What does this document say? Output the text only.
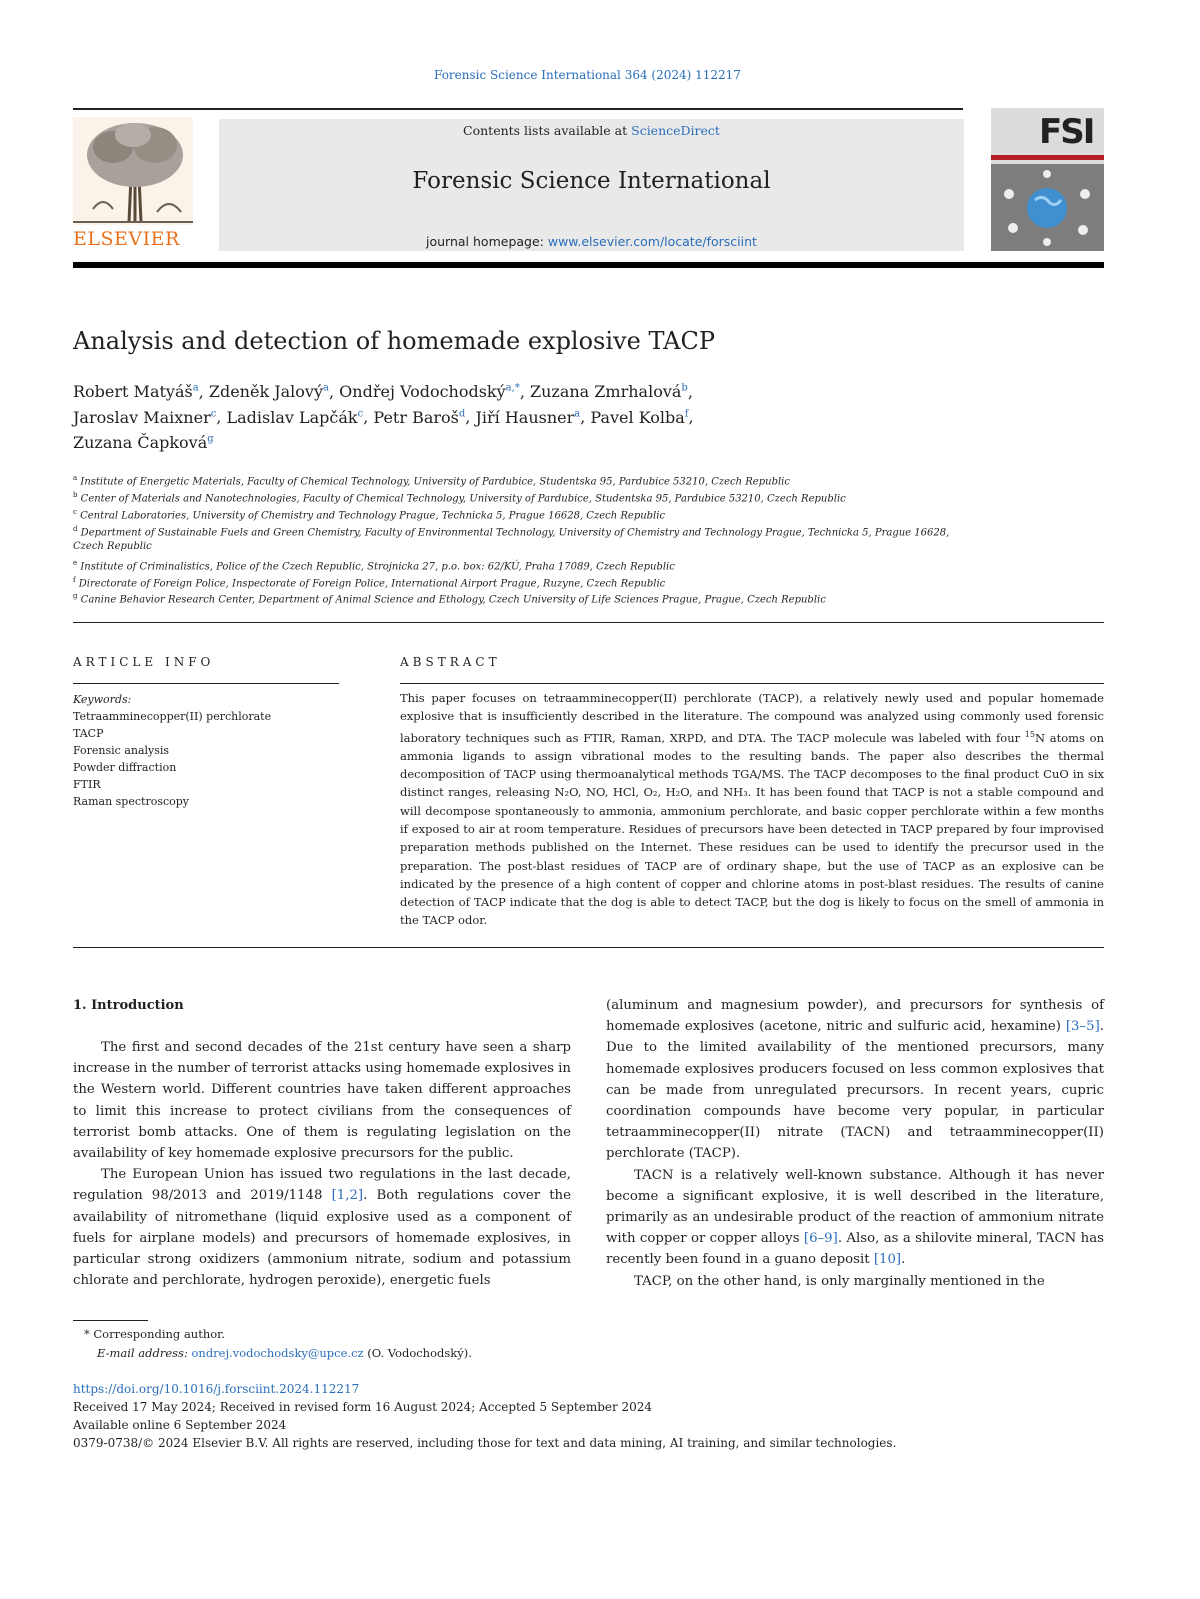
Forensic Science International 364 (2024) 112217
ELSEVIER
Contents lists available at ScienceDirect
Forensic Science International
journal homepage: www.elsevier.com/locate/forsciint
FSI
Analysis and detection of homemade explosive TACP
Robert Matyáš$^a$, Zdeněk Jalový$^a$, Ondřej Vodochodský$^{a,*}$, Zuzana Zmrhalová$^b$,
Jaroslav Maixner$^c$, Ladislav Lapčák$^c$, Petr Baroš$^d$, Jiří Hausner$^a$, Pavel Kolba$^f$,
Zuzana Čapková$^g$
$^a$ Institute of Energetic Materials, Faculty of Chemical Technology, University of Pardubice, Studentska 95, Pardubice 53210, Czech Republic
$^b$ Center of Materials and Nanotechnologies, Faculty of Chemical Technology, University of Pardubice, Studentska 95, Pardubice 53210, Czech Republic
$^c$ Central Laboratories, University of Chemistry and Technology Prague, Technicka 5, Prague 16628, Czech Republic
$^d$ Department of Sustainable Fuels and Green Chemistry, Faculty of Environmental Technology, University of Chemistry and Technology Prague, Technicka 5, Prague 16628, Czech Republic
$^e$ Institute of Criminalistics, Police of the Czech Republic, Strojnicka 27, p.o. box: 62/KÚ, Praha 17089, Czech Republic
$^f$ Directorate of Foreign Police, Inspectorate of Foreign Police, International Airport Prague, Ruzyne, Czech Republic
$^g$ Canine Behavior Research Center, Department of Animal Science and Ethology, Czech University of Life Sciences Prague, Prague, Czech Republic
ARTICLE INFO
Keywords:
Tetraamminecopper(II) perchlorate
TACP
Forensic analysis
Powder diffraction
FTIR
Raman spectroscopy
ABSTRACT
This paper focuses on tetraamminecopper(II) perchlorate (TACP), a relatively newly used and popular homemade explosive that is insufficiently described in the literature. The compound was analyzed using commonly used forensic laboratory techniques such as FTIR, Raman, XRPD, and DTA. The TACP molecule was labeled with four $^{15}$N atoms on ammonia ligands to assign vibrational modes to the resulting bands. The paper also describes the thermal decomposition of TACP using thermoanalytical methods TGA/MS. The TACP decomposes to the final product CuO in six distinct ranges, releasing N₂O, NO, HCl, O₂, H₂O, and NH₃. It has been found that TACP is not a stable compound and will decompose spontaneously to ammonia, ammonium perchlorate, and basic copper perchlorate within a few months if exposed to air at room temperature. Residues of precursors have been detected in TACP prepared by four improvised preparation methods published on the Internet. These residues can be used to identify the precursor used in the preparation. The post-blast residues of TACP are of ordinary shape, but the use of TACP as an explosive can be indicated by the presence of a high content of copper and chlorine atoms in post-blast residues. The results of canine detection of TACP indicate that the dog is able to detect TACP, but the dog is likely to focus on the smell of ammonia in the TACP odor.
1. Introduction

The first and second decades of the 21st century have seen a sharp increase in the number of terrorist attacks using homemade explosives in the Western world. Different countries have taken different approaches to limit this increase to protect civilians from the consequences of terrorist bomb attacks. One of them is regulating legislation on the availability of key homemade explosive precursors for the public.

The European Union has issued two regulations in the last decade, regulation 98/2013 and 2019/1148 [1,2]. Both regulations cover the availability of nitromethane (liquid explosive used as a component of fuels for airplane models) and precursors of homemade explosives, in particular strong oxidizers (ammonium nitrate, sodium and potassium chlorate and perchlorate, hydrogen peroxide), energetic fuels

(aluminum and magnesium powder), and precursors for synthesis of homemade explosives (acetone, nitric and sulfuric acid, hexamine) [3–5]. Due to the limited availability of the mentioned precursors, many homemade explosives producers focused on less common explosives that can be made from unregulated precursors. In recent years, cupric coordination compounds have become very popular, in particular tetraamminecopper(II) nitrate (TACN) and tetraamminecopper(II) perchlorate (TACP).

TACN is a relatively well-known substance. Although it has never become a significant explosive, it is well described in the literature, primarily as an undesirable product of the reaction of ammonium nitrate with copper or copper alloys [6–9]. Also, as a shilovite mineral, TACN has recently been found in a guano deposit [10].

TACP, on the other hand, is only marginally mentioned in the

* Corresponding author.
E-mail address: ondrej.vodochodsky@upce.cz (O. Vodochodský).
https://doi.org/10.1016/j.forsciint.2024.112217
Received 17 May 2024; Received in revised form 16 August 2024; Accepted 5 September 2024
Available online 6 September 2024
0379-0738/© 2024 Elsevier B.V. All rights are reserved, including those for text and data mining, AI training, and similar technologies.
